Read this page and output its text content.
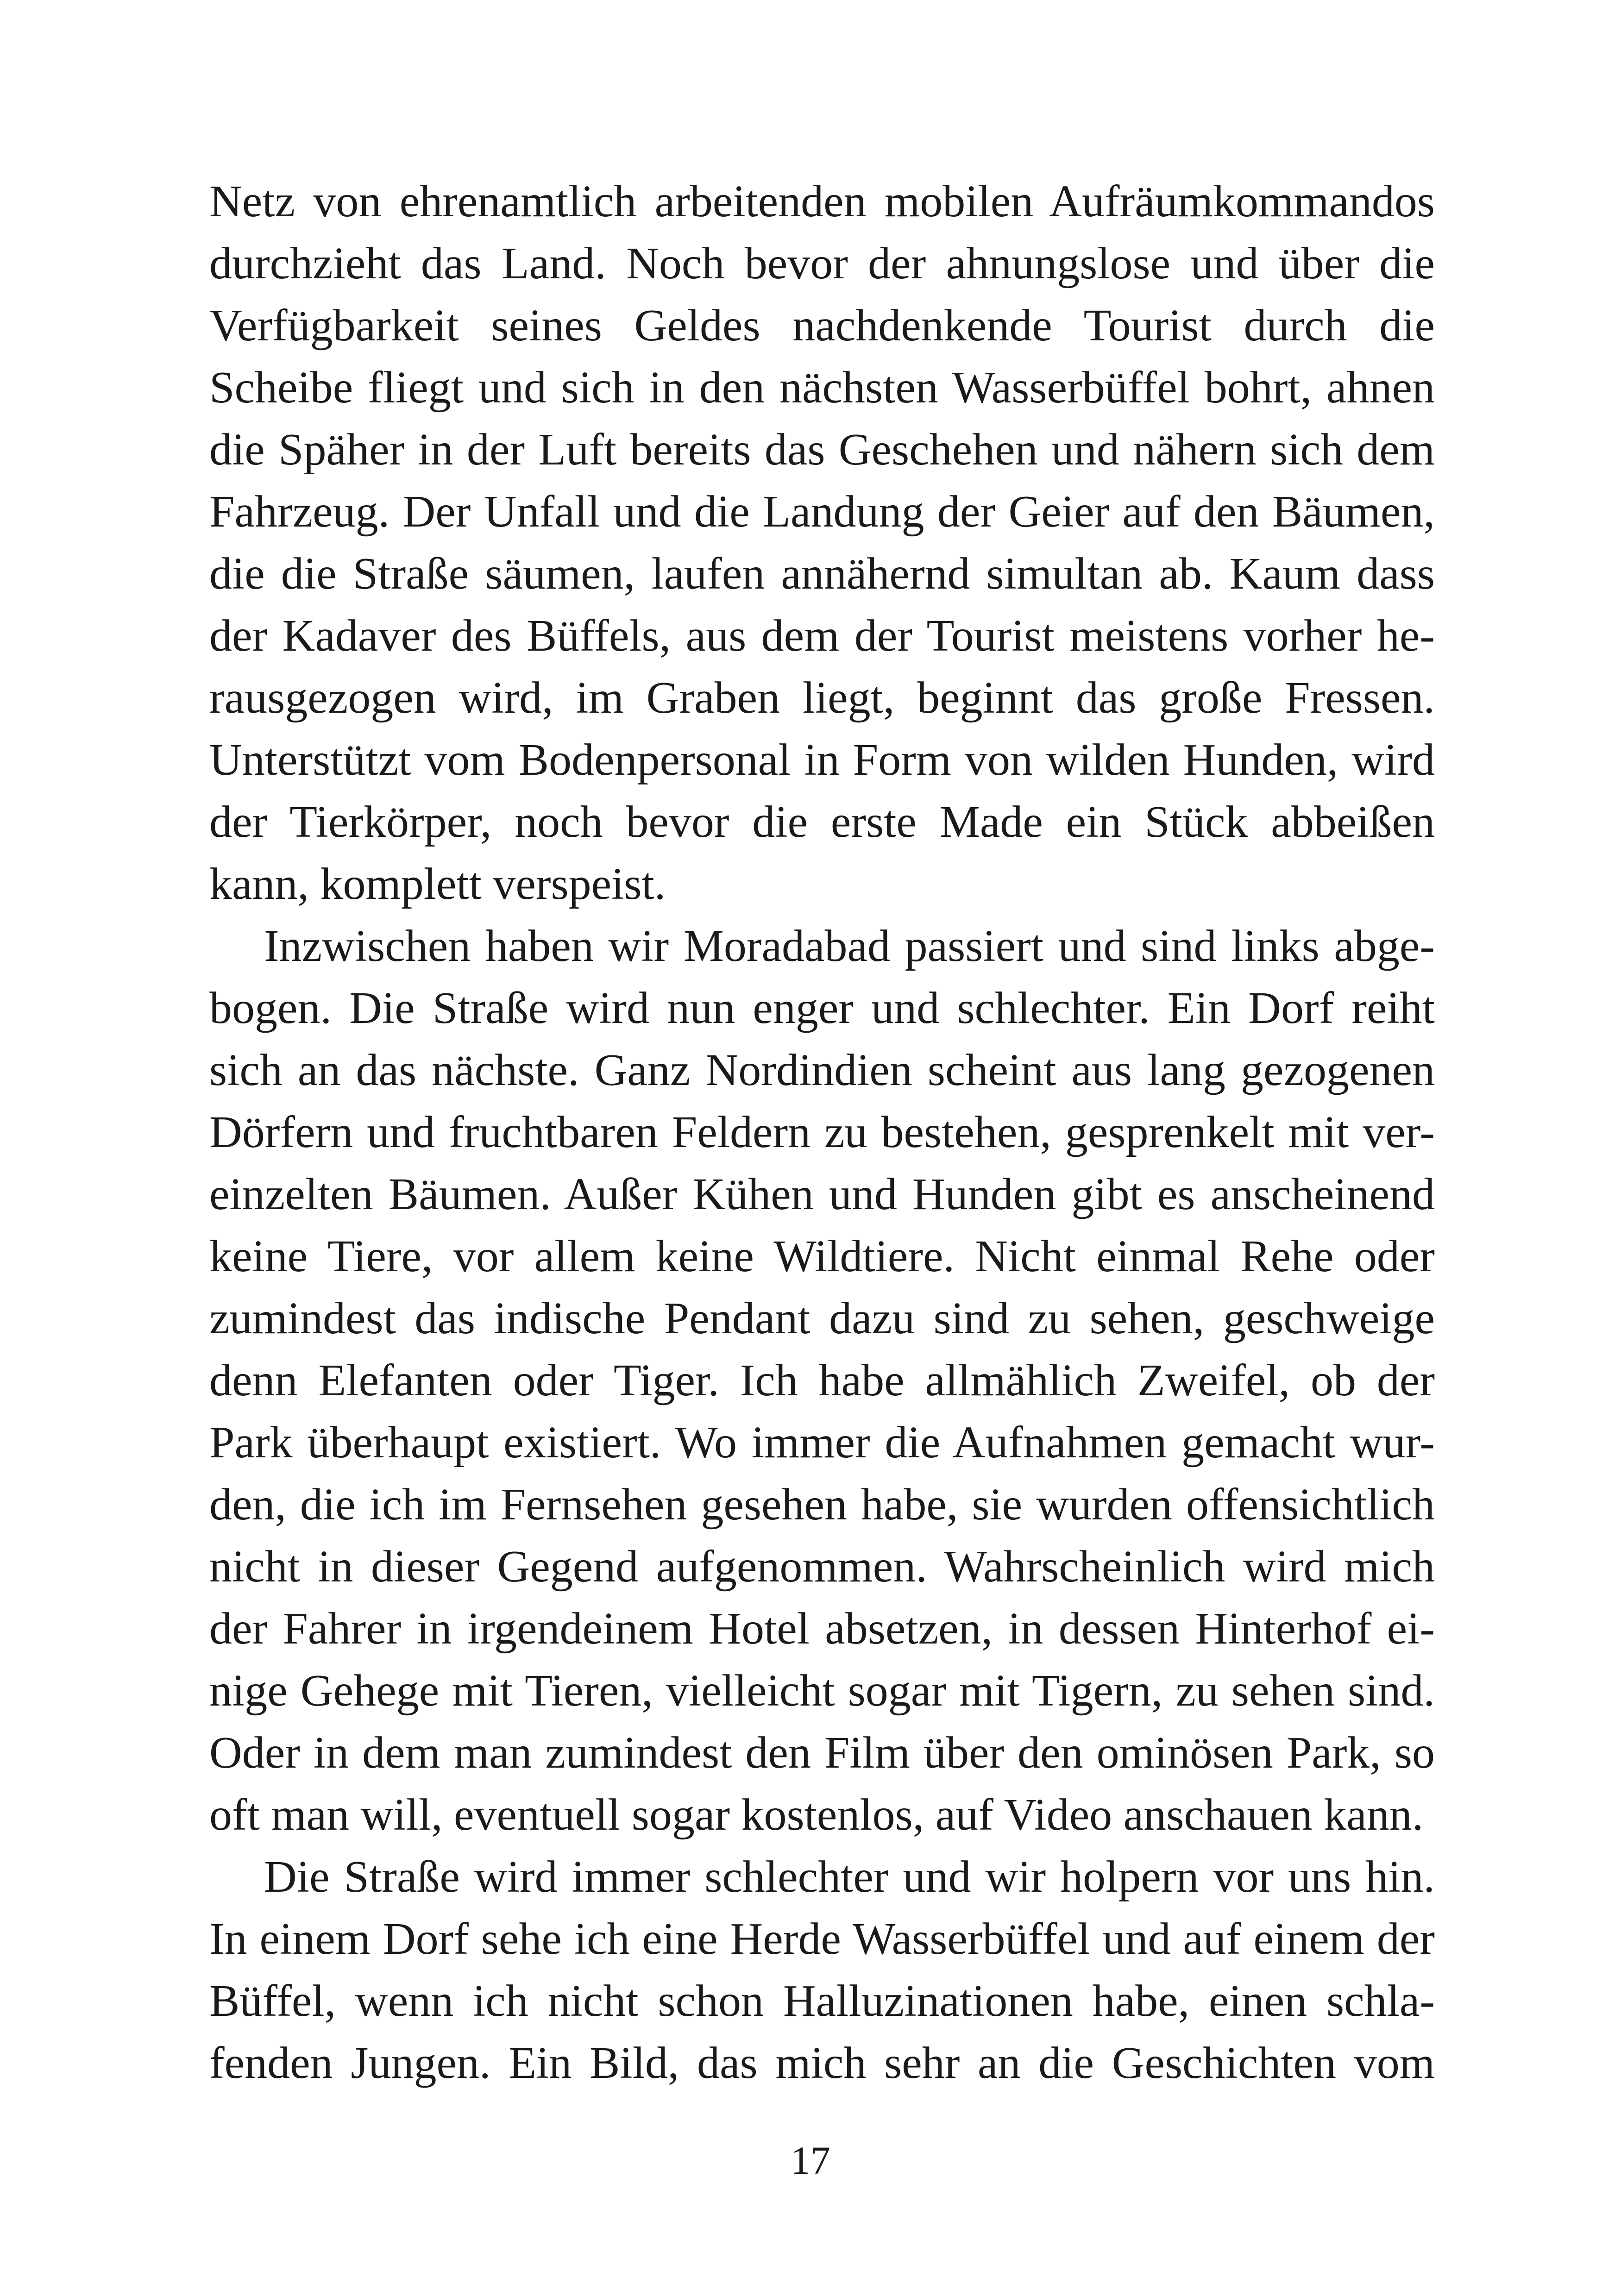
Netz von ehrenamtlich arbeitenden mobilen Aufräumkommandos
durchzieht das Land. Noch bevor der ahnungslose und über die
Verfügbarkeit seines Geldes nachdenkende Tourist durch die
Scheibe fliegt und sich in den nächsten Wasserbüffel bohrt, ahnen
die Späher in der Luft bereits das Geschehen und nähern sich dem
Fahrzeug. Der Unfall und die Landung der Geier auf den Bäumen,
die die Straße säumen, laufen annähernd simultan ab. Kaum dass
der Kadaver des Büffels, aus dem der Tourist meistens vorher he-
rausgezogen wird, im Graben liegt, beginnt das große Fressen.
Unterstützt vom Bodenpersonal in Form von wilden Hunden, wird
der Tierkörper, noch bevor die erste Made ein Stück abbeißen
kann, komplett verspeist.
Inzwischen haben wir Moradabad passiert und sind links abge-
bogen. Die Straße wird nun enger und schlechter. Ein Dorf reiht
sich an das nächste. Ganz Nordindien scheint aus lang gezogenen
Dörfern und fruchtbaren Feldern zu bestehen, gesprenkelt mit ver-
einzelten Bäumen. Außer Kühen und Hunden gibt es anscheinend
keine Tiere, vor allem keine Wildtiere. Nicht einmal Rehe oder
zumindest das indische Pendant dazu sind zu sehen, geschweige
denn Elefanten oder Tiger. Ich habe allmählich Zweifel, ob der
Park überhaupt existiert. Wo immer die Aufnahmen gemacht wur-
den, die ich im Fernsehen gesehen habe, sie wurden offensichtlich
nicht in dieser Gegend aufgenommen. Wahrscheinlich wird mich
der Fahrer in irgendeinem Hotel absetzen, in dessen Hinterhof ei-
nige Gehege mit Tieren, vielleicht sogar mit Tigern, zu sehen sind.
Oder in dem man zumindest den Film über den ominösen Park, so
oft man will, eventuell sogar kostenlos, auf Video anschauen kann.
Die Straße wird immer schlechter und wir holpern vor uns hin.
In einem Dorf sehe ich eine Herde Wasserbüffel und auf einem der
Büffel, wenn ich nicht schon Halluzinationen habe, einen schla-
fenden Jungen. Ein Bild, das mich sehr an die Geschichten vom
17
